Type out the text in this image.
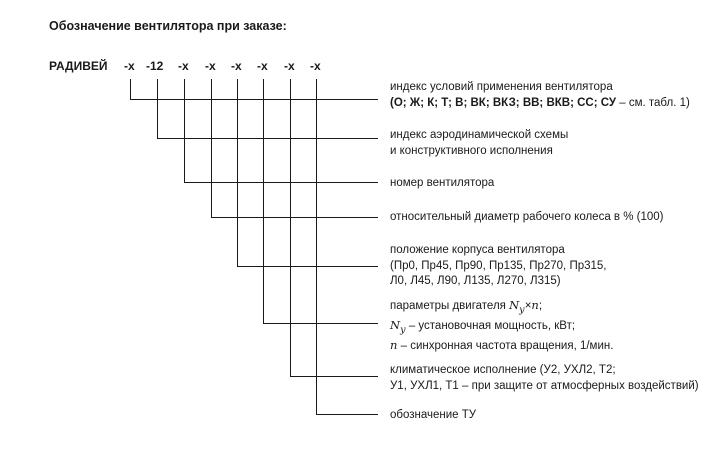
Обозначение вентилятора при заказе:
РАДИВЕЙ -х -12 -х -х -х -х -х -х
индекс условий применения вентилятора
(О; Ж; К; Т; В; ВК; ВКЗ; ВВ; ВКВ; СС; СУ – см. табл. 1)
индекс аэродинамической схемы
и конструктивного исполнения
номер вентилятора
относительный диаметр рабочего колеса в % (100)
положение корпуса вентилятора
(Пр0, Пр45, Пр90, Пр135, Пр270, Пр315,
Л0, Л45, Л90, Л135, Л270, Л315)
параметры двигателя $N_у\times n$;
$N_у$ – установочная мощность, кВт;
n – синхронная частота вращения, 1/мин.
климатическое исполнение (У2, УХЛ2, Т2;
У1, УХЛ1, Т1 – при защите от атмосферных воздействий)
обозначение ТУ
